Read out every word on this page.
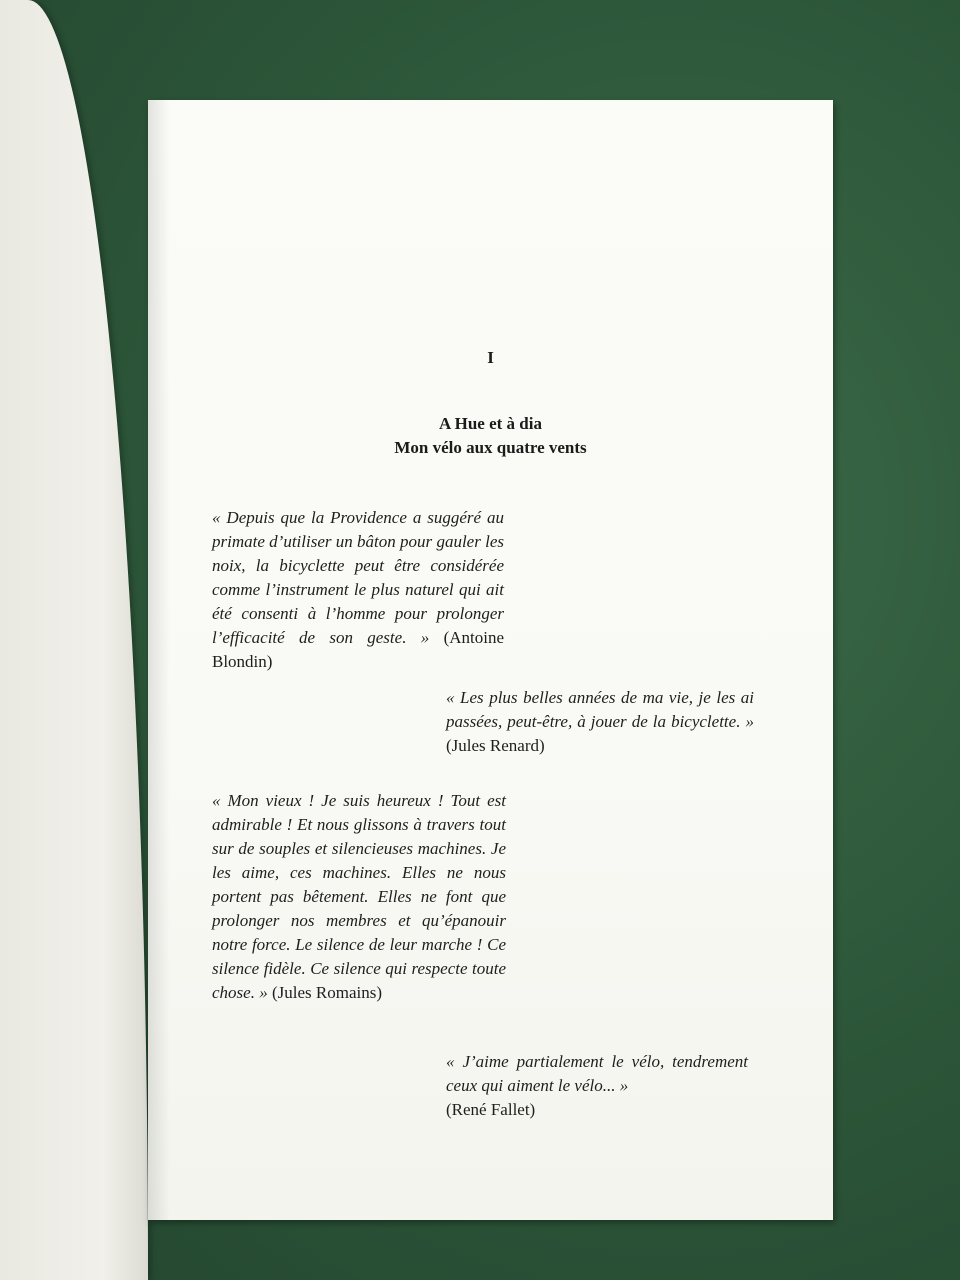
I
A Hue et à dia
Mon vélo aux quatre vents
« Depuis que la Providence a suggéré au primate d’utiliser un bâton pour gauler les noix, la bicyclette peut être considérée comme l’instrument le plus naturel qui ait été consenti à l’homme pour prolonger l’efficacité de son geste. » (Antoine Blondin)
« Les plus belles années de ma vie, je les ai passées, peut-être, à jouer de la bicyclette. » (Jules Renard)
« Mon vieux ! Je suis heureux ! Tout est admirable ! Et nous glissons à travers tout sur de souples et silencieuses machines. Je les aime, ces machines. Elles ne nous portent pas bêtement. Elles ne font que prolonger nos membres et qu’épanouir notre force. Le silence de leur marche ! Ce silence fidèle. Ce silence qui respecte toute chose. » (Jules Romains)
« J’aime partialement le vélo, tendrement ceux qui aiment le vélo... »
(René Fallet)
